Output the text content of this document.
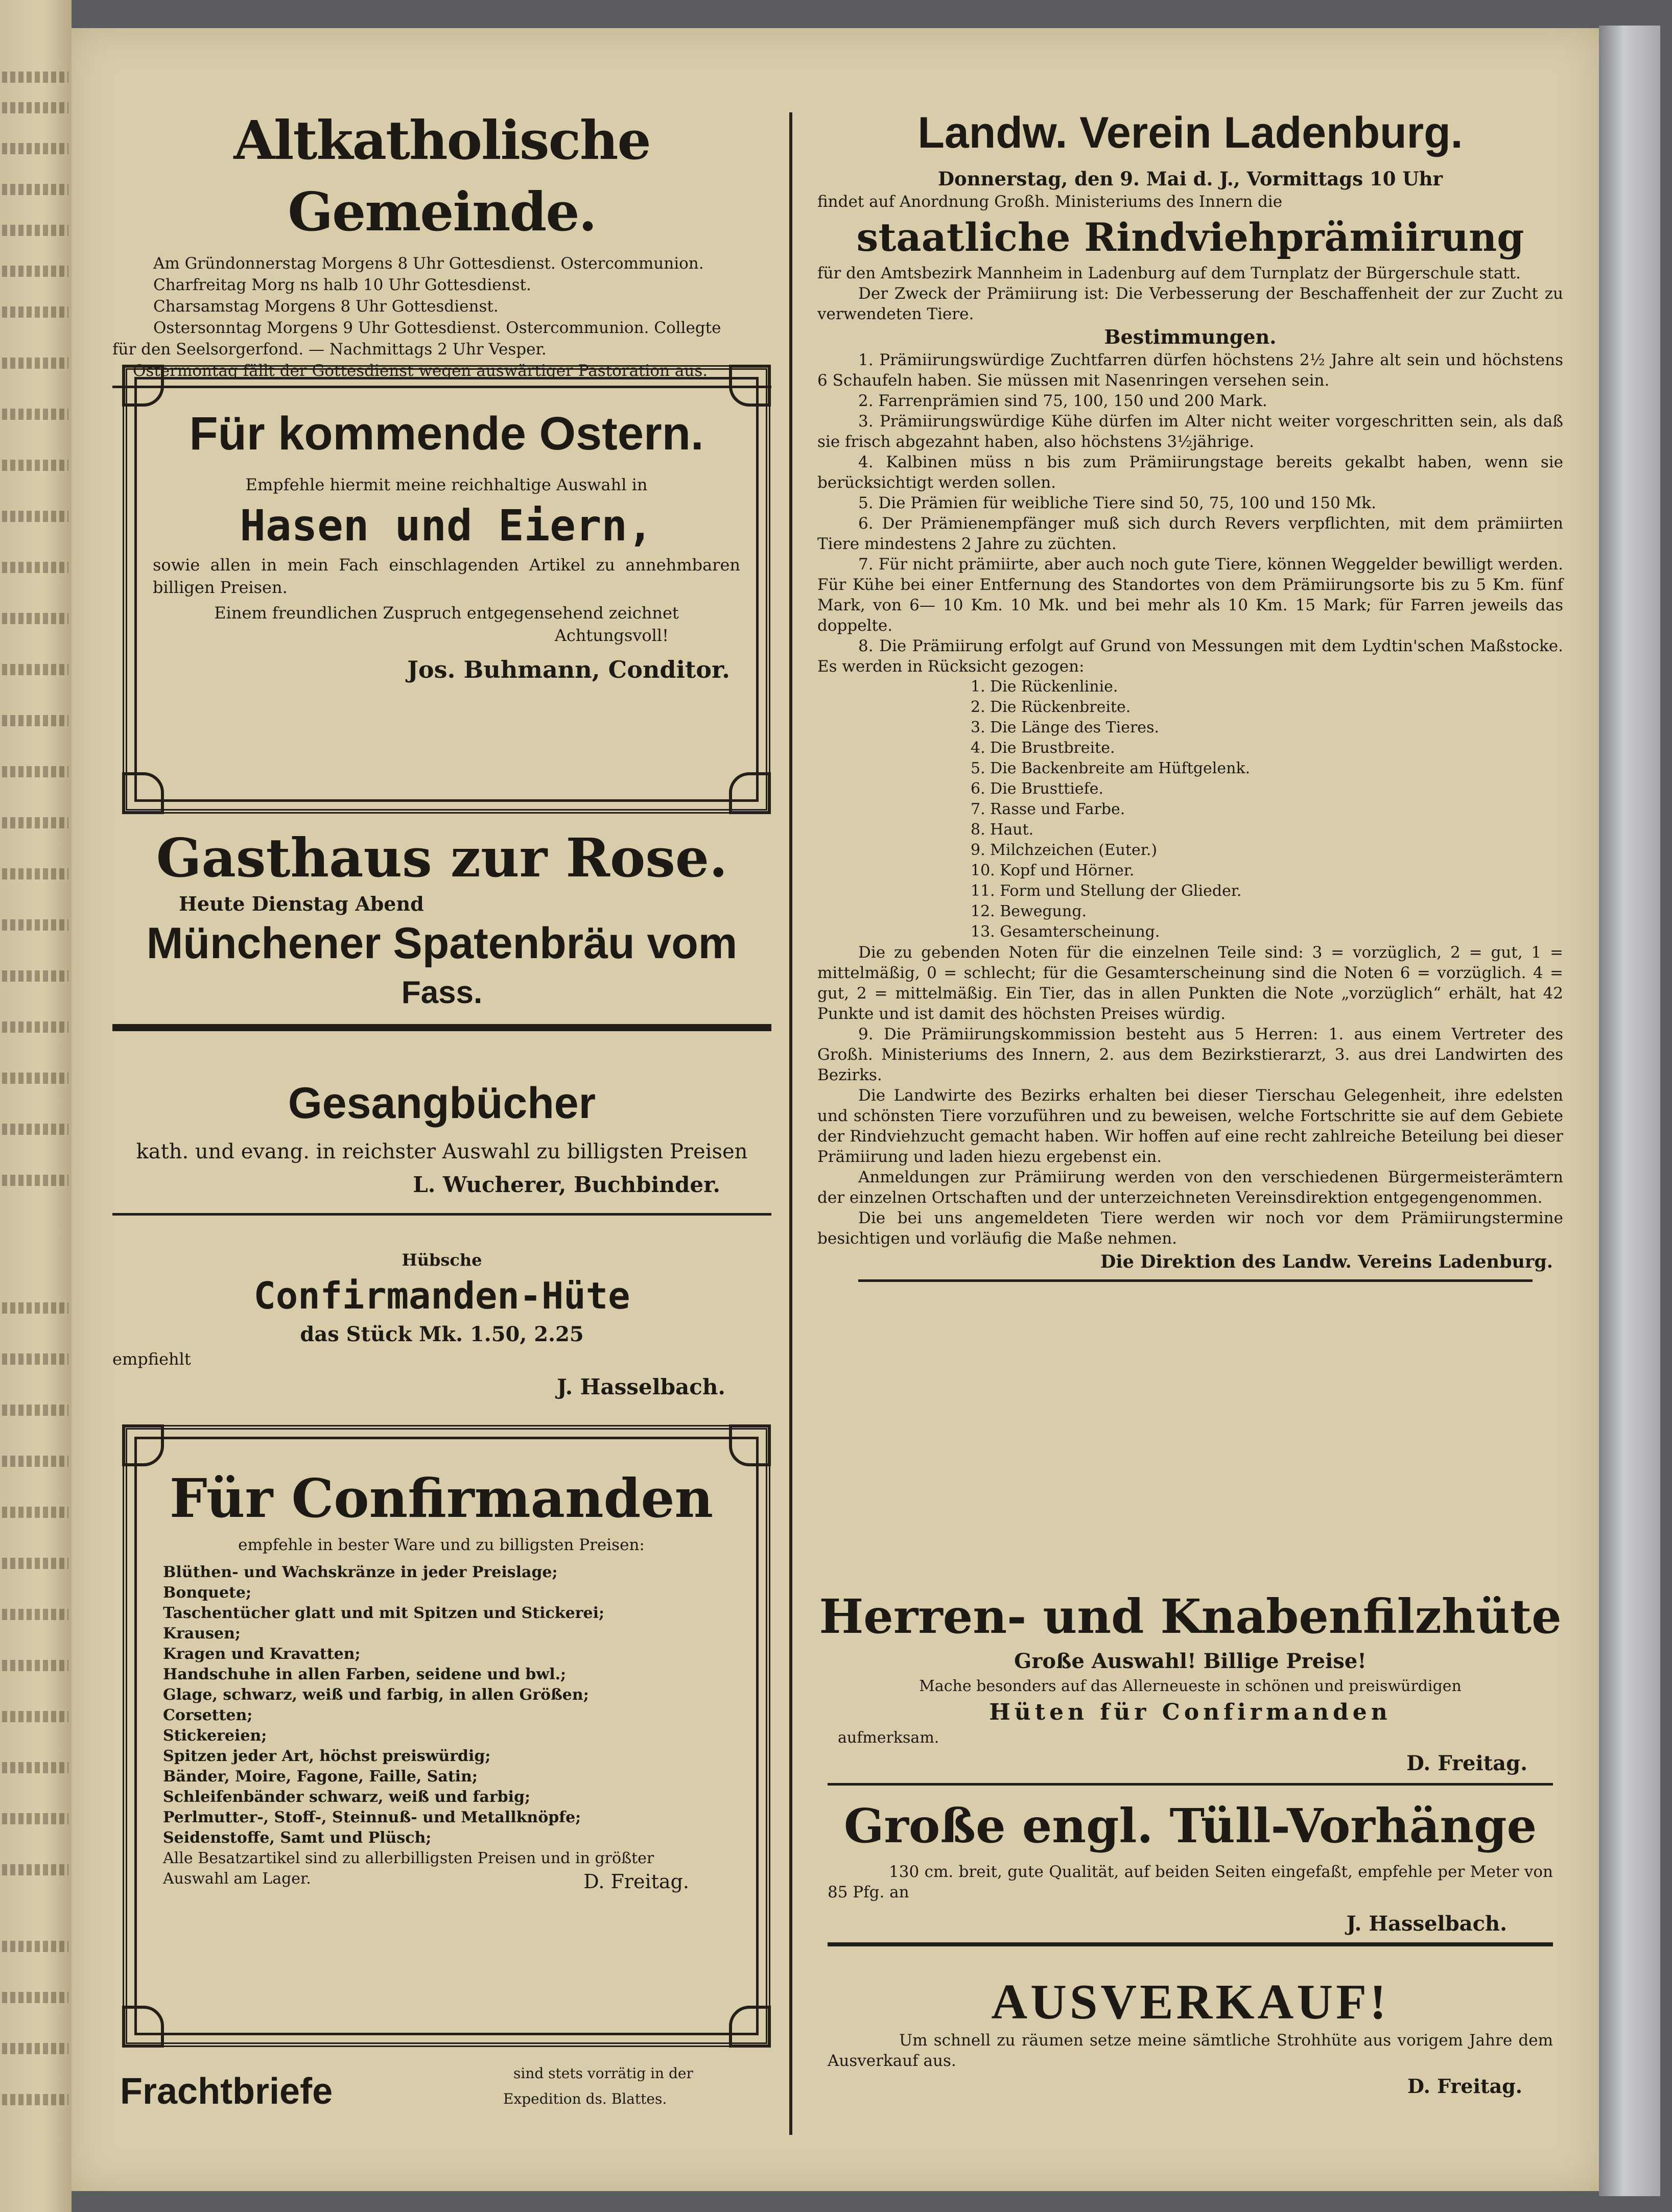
Altkatholische Gemeinde.
Am Gründonnerstag Morgens 8 Uhr Gottesdienst. Ostercommunion.
Charfreitag Morg ns halb 10 Uhr Gottesdienst.
Charsamstag Morgens 8 Uhr Gottesdienst.
Ostersonntag Morgens 9 Uhr Gottesdienst. Ostercommunion. Collegte
für den Seelsorgerfond. — Nachmittags 2 Uhr Vesper.
Ostermontag fällt der Gottesdienst wegen auswärtiger Pastoration aus.
Für kommende Ostern.
Empfehle hiermit meine reichhaltige Auswahl in
Hasen und Eiern,
sowie allen in mein Fach einschlagenden Artikel zu annehmbaren billigen Preisen.
Einem freundlichen Zuspruch entgegensehend zeichnet
Achtungsvoll!
Jos. Buhmann, Conditor.
Gasthaus zur Rose.
Heute Dienstag Abend
Münchener Spatenbräu vom
Fass.
Gesangbücher
kath. und evang. in reichster Auswahl zu billigsten Preisen
L. Wucherer, Buchbinder.
Hübsche
Confirmanden-Hüte
das Stück Mk. 1.50, 2.25
empfiehlt
J. Hasselbach.
Für Confirmanden
empfehle in bester Ware und zu billigsten Preisen:
Blüthen- und Wachskränze in jeder Preislage;
Bonquete;
Taschentücher glatt und mit Spitzen und Stickerei;
Krausen;
Kragen und Kravatten;
Handschuhe in allen Farben, seidene und bwl.;
Glage, schwarz, weiß und farbig, in allen Größen;
Corsetten;
Stickereien;
Spitzen jeder Art, höchst preiswürdig;
Bänder, Moire, Fagone, Faille, Satin;
Schleifenbänder schwarz, weiß und farbig;
Perlmutter-, Stoff-, Steinnuß- und Metallknöpfe;
Seidenstoffe, Samt und Plüsch;
Alle Besatzartikel sind zu allerbilligsten Preisen und in größter
Auswahl am Lager.	D. Freitag.
Frachtbriefe	sind stets vorrätig in der
Expedition ds. Blattes.
Landw. Verein Ladenburg.
Donnerstag, den 9. Mai d. J., Vormittags 10 Uhr
findet auf Anordnung Großh. Ministeriums des Innern die
staatliche Rindviehprämiirung
für den Amtsbezirk Mannheim in Ladenburg auf dem Turnplatz der Bürgerschule statt.
Der Zweck der Prämiirung ist: Die Verbesserung der Beschaffenheit der zur Zucht zu verwendeten Tiere.
Bestimmungen.
1. Prämiirungswürdige Zuchtfarren dürfen höchstens 2½ Jahre alt sein und höchstens 6 Schaufeln haben. Sie müssen mit Nasenringen versehen sein.
2. Farrenprämien sind 75, 100, 150 und 200 Mark.
3. Prämiirungswürdige Kühe dürfen im Alter nicht weiter vorgeschritten sein, als daß sie frisch abgezahnt haben, also höchstens 3½jährige.
4. Kalbinen müss n bis zum Prämiirungstage bereits gekalbt haben, wenn sie berücksichtigt werden sollen.
5. Die Prämien für weibliche Tiere sind 50, 75, 100 und 150 Mk.
6. Der Prämienempfänger muß sich durch Revers verpflichten, mit dem prämiirten Tiere mindestens 2 Jahre zu züchten.
7. Für nicht prämiirte, aber auch noch gute Tiere, können Weggelder bewilligt werden. Für Kühe bei einer Entfernung des Standortes von dem Prämiirungsorte bis zu 5 Km. fünf Mark, von 6— 10 Km. 10 Mk. und bei mehr als 10 Km. 15 Mark; für Farren jeweils das doppelte.
8. Die Prämiirung erfolgt auf Grund von Messungen mit dem Lydtin'schen Maßstocke. Es werden in Rücksicht gezogen:
1. Die Rückenlinie.
2. Die Rückenbreite.
3. Die Länge des Tieres.
4. Die Brustbreite.
5. Die Backenbreite am Hüftgelenk.
6. Die Brusttiefe.
7. Rasse und Farbe.
8. Haut.
9. Milchzeichen (Euter.)
10. Kopf und Hörner.
11. Form und Stellung der Glieder.
12. Bewegung.
13. Gesamterscheinung.
Die zu gebenden Noten für die einzelnen Teile sind: 3 = vorzüglich, 2 = gut, 1 = mittelmäßig, 0 = schlecht; für die Gesamterscheinung sind die Noten 6 = vorzüglich. 4 = gut, 2 = mittelmäßig. Ein Tier, das in allen Punkten die Note „vorzüglich“ erhält, hat 42 Punkte und ist damit des höchsten Preises würdig.
9. Die Prämiirungskommission besteht aus 5 Herren: 1. aus einem Vertreter des Großh. Ministeriums des Innern, 2. aus dem Bezirkstierarzt, 3. aus drei Landwirten des Bezirks.
Die Landwirte des Bezirks erhalten bei dieser Tierschau Gelegenheit, ihre edelsten und schönsten Tiere vorzuführen und zu beweisen, welche Fortschritte sie auf dem Gebiete der Rindviehzucht gemacht haben. Wir hoffen auf eine recht zahlreiche Beteilung bei dieser Prämiirung und laden hiezu ergebenst ein.
Anmeldungen zur Prämiirung werden von den verschiedenen Bürgermeisterämtern der einzelnen Ortschaften und der unterzeichneten Vereinsdirektion entgegengenommen.
Die bei uns angemeldeten Tiere werden wir noch vor dem Prämiirungstermine besichtigen und vorläufig die Maße nehmen.
Die Direktion des Landw. Vereins Ladenburg.
Herren- und Knabenfilzhüte
Große Auswahl! Billige Preise!
Mache besonders auf das Allerneueste in schönen und preiswürdigen
Hüten für Confirmanden
aufmerksam.
D. Freitag.
Große engl. Tüll-Vorhänge
130 cm. breit, gute Qualität, auf beiden Seiten eingefaßt, empfehle per Meter von 85 Pfg. an
J. Hasselbach.
AUSVERKAUF!
Um schnell zu räumen setze meine sämtliche Strohhüte aus vorigem Jahre dem Ausverkauf aus.
D. Freitag.
